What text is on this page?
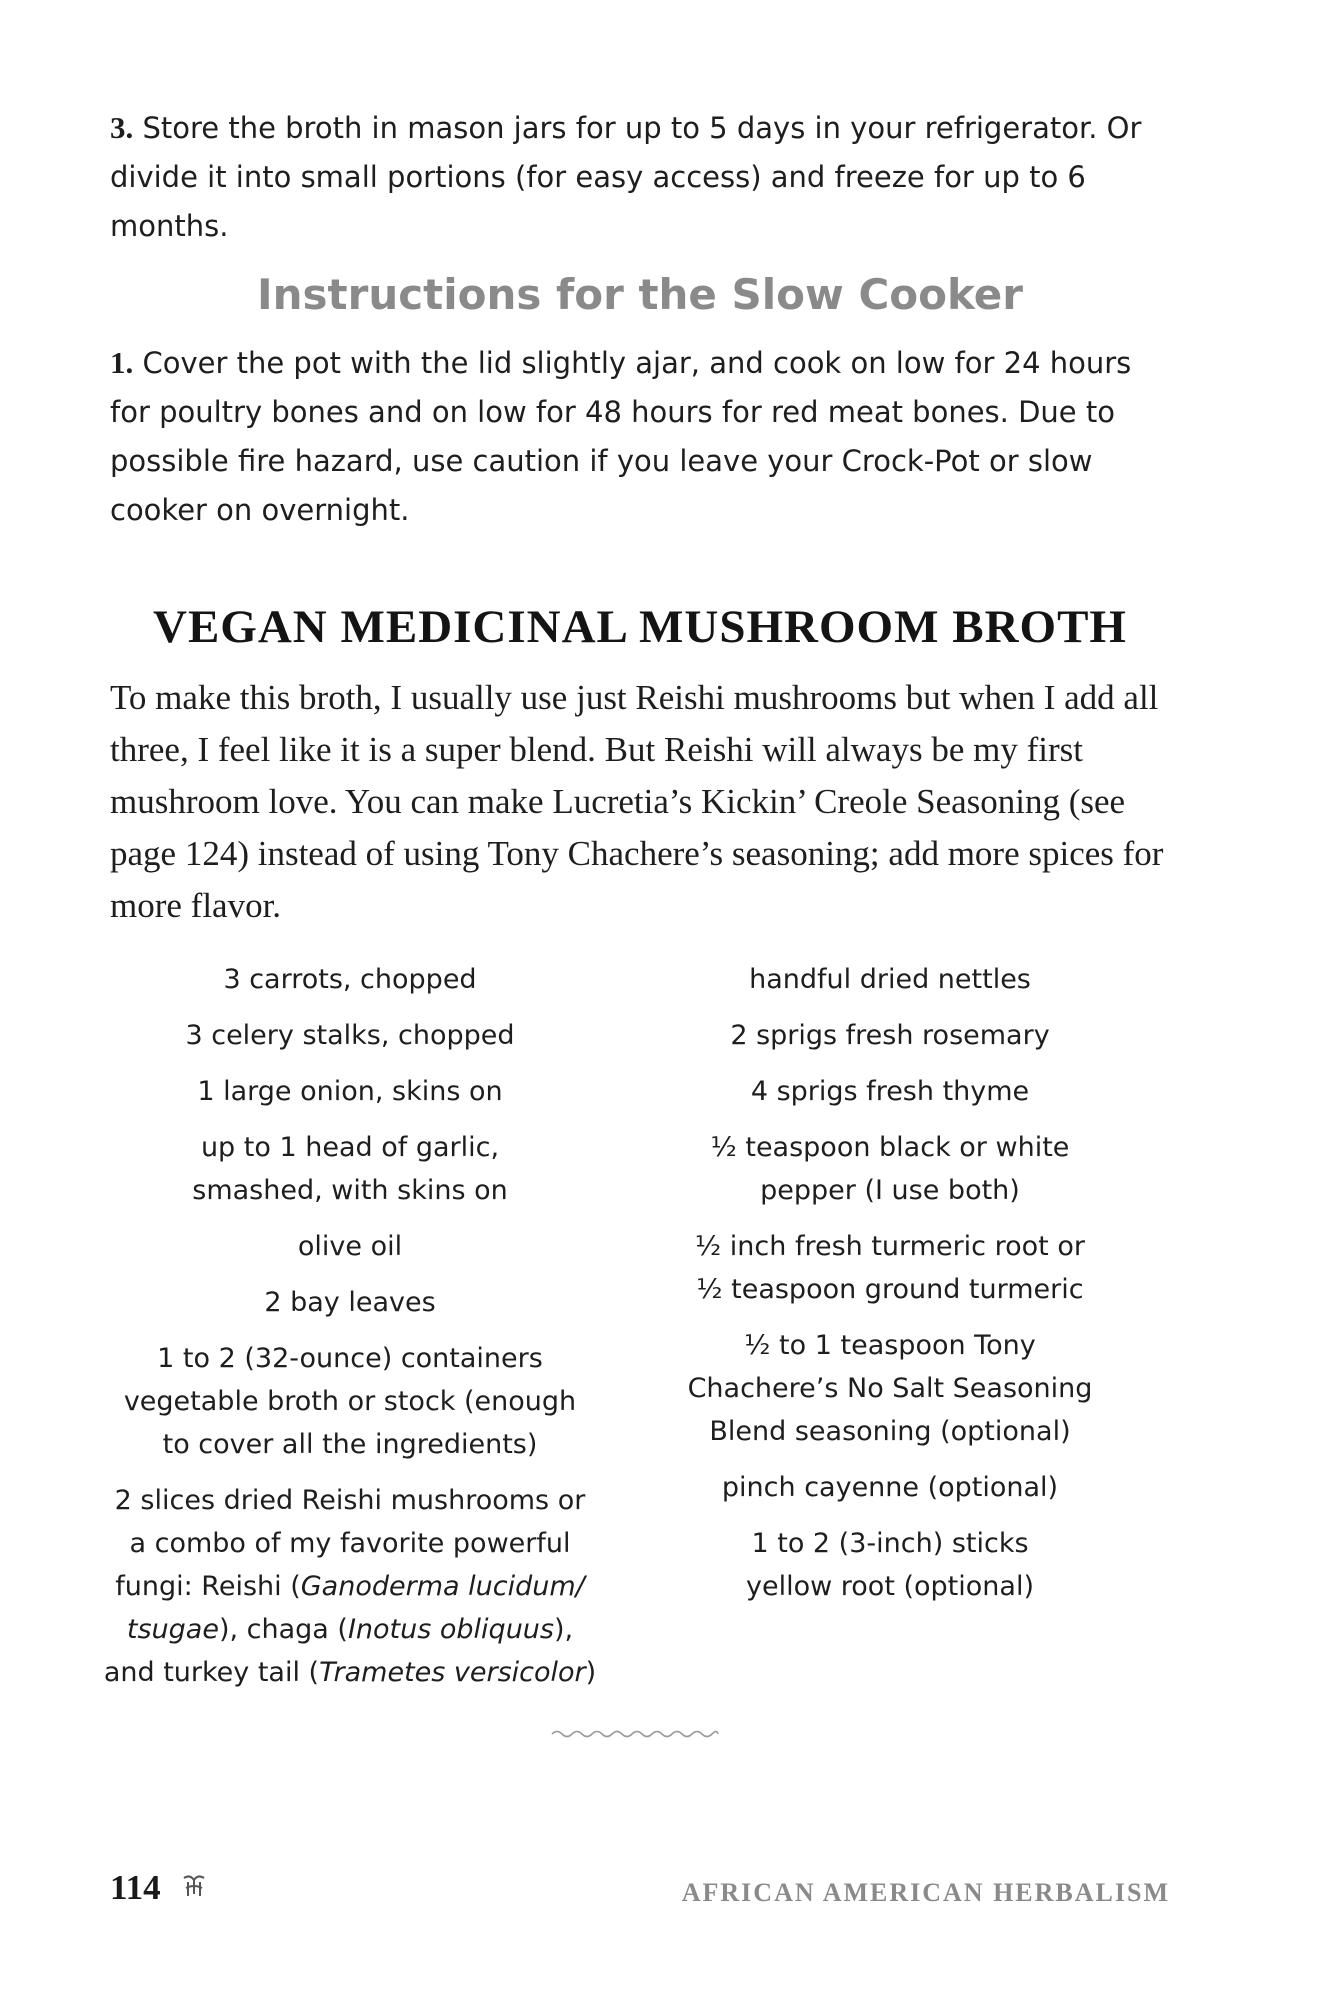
3. Store the broth in mason jars for up to 5 days in your refrigerator. Or divide it into small portions (for easy access) and freeze for up to 6 months.

Instructions for the Slow Cooker

1. Cover the pot with the lid slightly ajar, and cook on low for 24 hours for poultry bones and on low for 48 hours for red meat bones. Due to possible fire hazard, use caution if you leave your Crock-Pot or slow cooker on overnight.

VEGAN MEDICINAL MUSHROOM BROTH

To make this broth, I usually use just Reishi mushrooms but when I add all three, I feel like it is a super blend. But Reishi will always be my first mushroom love. You can make Lucretia’s Kickin’ Creole Seasoning (see page 124) instead of using Tony Chachere’s seasoning; add more spices for more flavor.

3 carrots, chopped
3 celery stalks, chopped
1 large onion, skins on
up to 1 head of garlic,
smashed, with skins on
olive oil
2 bay leaves
1 to 2 (32-ounce) containers
vegetable broth or stock (enough
to cover all the ingredients)
2 slices dried Reishi mushrooms or
a combo of my favorite powerful
fungi: Reishi (Ganoderma lucidum/
tsugae), chaga (Inotus obliquus),
and turkey tail (Trametes versicolor)
handful dried nettles
2 sprigs fresh rosemary
4 sprigs fresh thyme
½ teaspoon black or white
pepper (I use both)
½ inch fresh turmeric root or
½ teaspoon ground turmeric
½ to 1 teaspoon Tony
Chachere’s No Salt Seasoning
Blend seasoning (optional)
pinch cayenne (optional)
1 to 2 (3-inch) sticks
yellow root (optional)
114	AFRICAN AMERICAN HERBALISM
